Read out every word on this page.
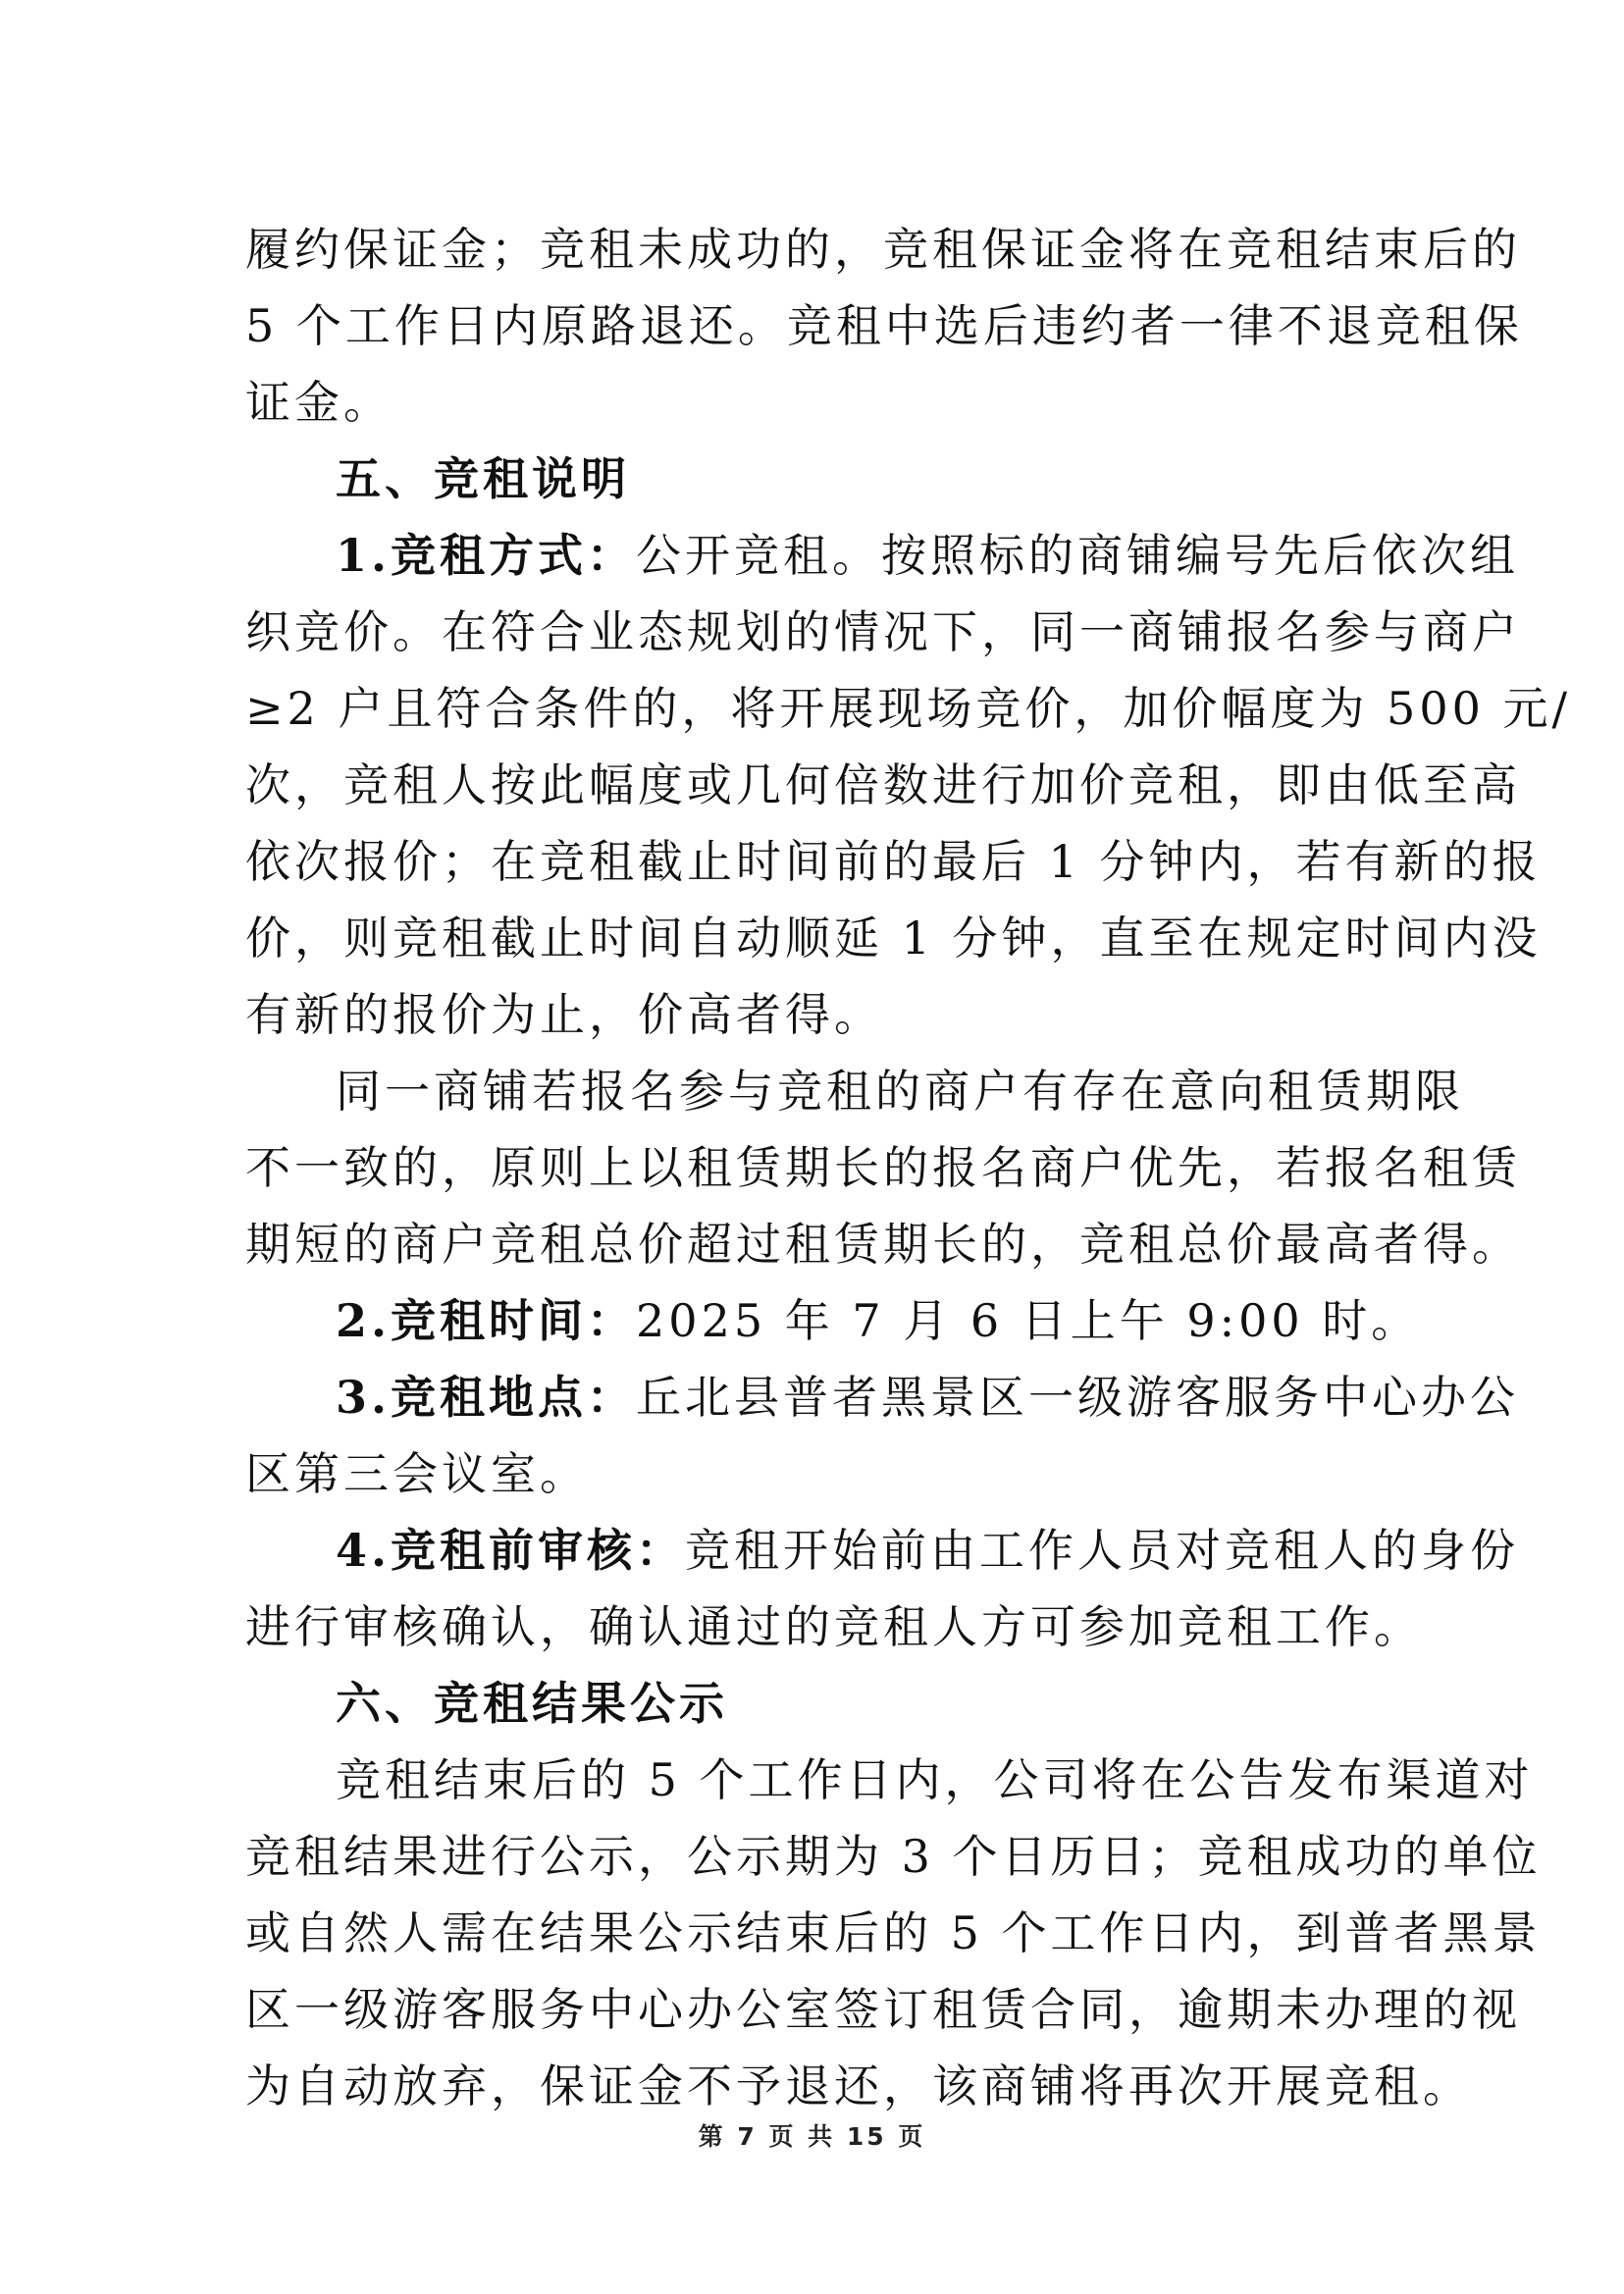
履约保证金；竞租未成功的，竞租保证金将在竞租结束后的

5 个工作日内原路退还。竞租中选后违约者一律不退竞租保

证金。

五、竞租说明

1.竞租方式：公开竞租。按照标的商铺编号先后依次组

织竞价。在符合业态规划的情况下，同一商铺报名参与商户

≥2 户且符合条件的，将开展现场竞价，加价幅度为 500 元/

次，竞租人按此幅度或几何倍数进行加价竞租，即由低至高

依次报价；在竞租截止时间前的最后 1 分钟内，若有新的报

价，则竞租截止时间自动顺延 1 分钟，直至在规定时间内没

有新的报价为止，价高者得。

同一商铺若报名参与竞租的商户有存在意向租赁期限

不一致的，原则上以租赁期长的报名商户优先，若报名租赁

期短的商户竞租总价超过租赁期长的，竞租总价最高者得。

2.竞租时间：2025 年 7 月 6 日上午 9:00 时。

3.竞租地点：丘北县普者黑景区一级游客服务中心办公

区第三会议室。

4.竞租前审核：竞租开始前由工作人员对竞租人的身份

进行审核确认，确认通过的竞租人方可参加竞租工作。

六、竞租结果公示

竞租结束后的 5 个工作日内，公司将在公告发布渠道对

竞租结果进行公示，公示期为 3 个日历日；竞租成功的单位

或自然人需在结果公示结束后的 5 个工作日内，到普者黑景

区一级游客服务中心办公室签订租赁合同，逾期未办理的视

为自动放弃，保证金不予退还，该商铺将再次开展竞租。

第 7 页 共 15 页
